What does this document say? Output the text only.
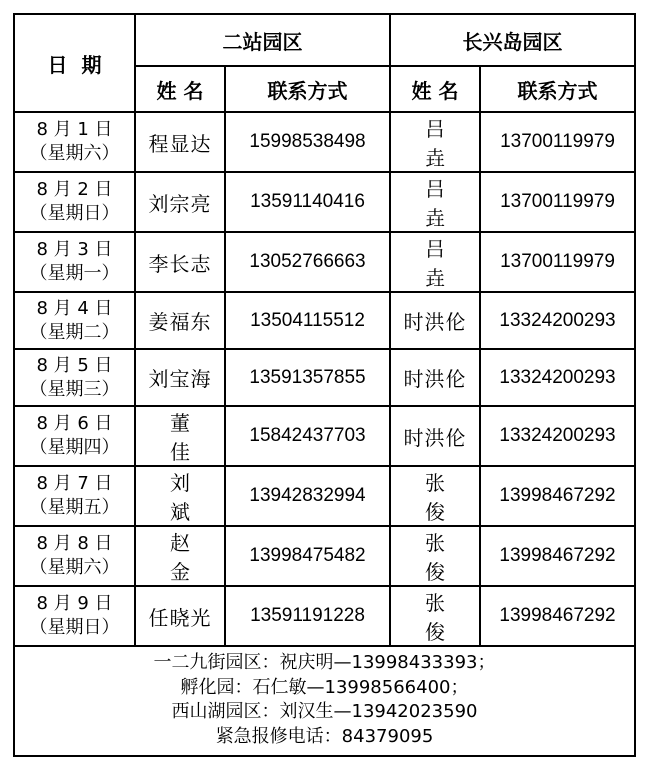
日  期	二站园区		长兴岛园区	
	姓 名	联系方式	姓 名	联系方式

8 月 1 日
（星期六）	程显达	15998538498	吕 垚	13700119979

8 月 2 日
（星期日）	刘宗亮	13591140416	吕 垚	13700119979

8 月 3 日
（星期一）	李长志	13052766663	吕 垚	13700119979

8 月 4 日
（星期二）	姜福东	13504115512	时洪伦	13324200293

8 月 5 日
（星期三）	刘宝海	13591357855	时洪伦	13324200293

8 月 6 日
（星期四）	董 佳	15842437703	时洪伦	13324200293

8 月 7 日
（星期五）	刘 斌	13942832994	张 俊	13998467292

8 月 8 日
（星期六）	赵 金	13998475482	张 俊	13998467292

8 月 9 日
（星期日）	任晓光	13591191228	张 俊	13998467292

一二九街园区：祝庆明—13998433393；
孵化园：石仁敏—13998566400；
西山湖园区：刘汉生—13942023590
紧急报修电话：84379095				
